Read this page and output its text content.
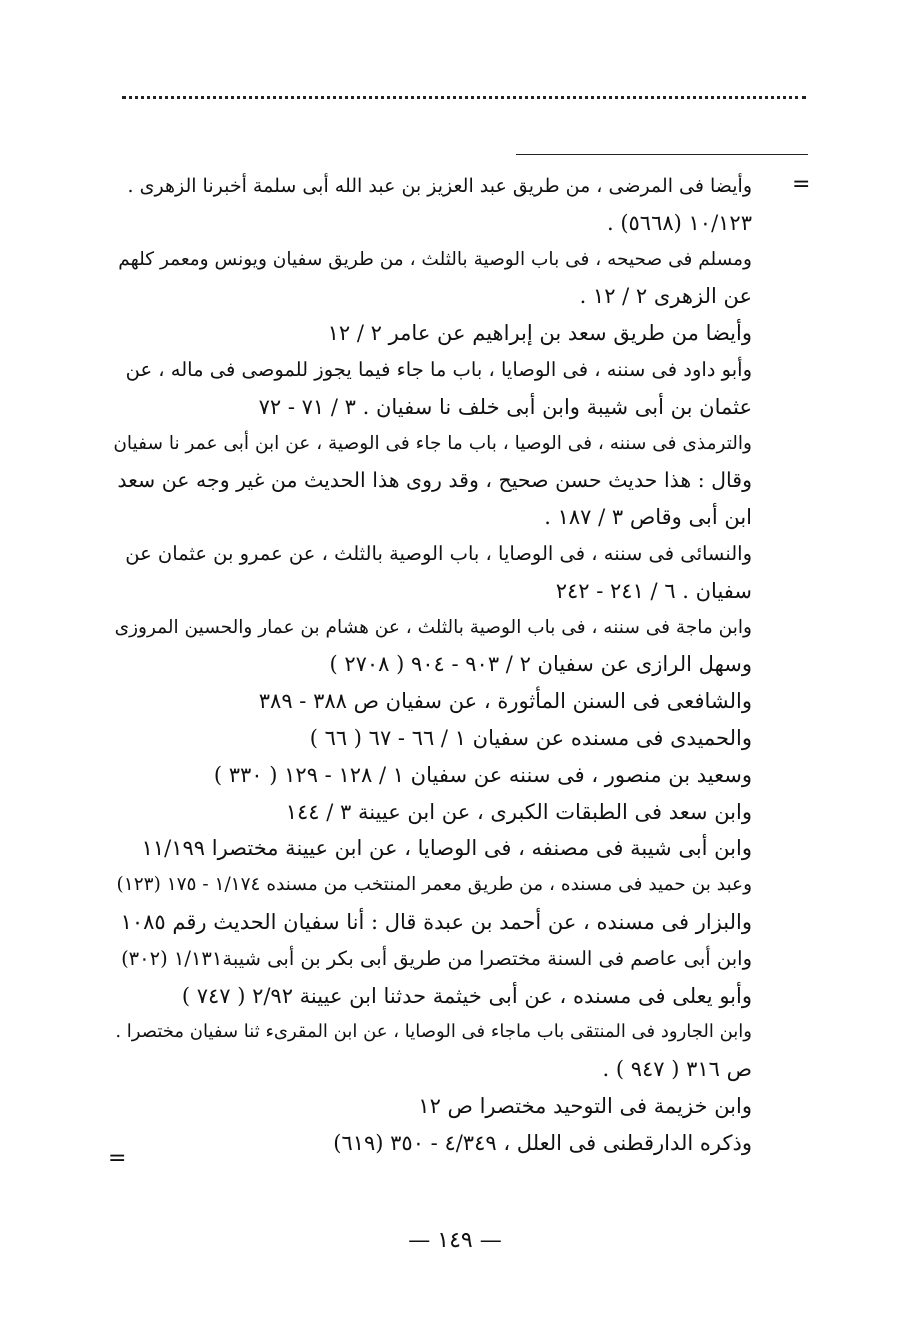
=
=
وأيضا فى المرضى ، من طريق عبد العزيز بن عبد الله أبى سلمة أخبرنا الزهرى .
١٠/١٢٣ (٥٦٦٨) .
ومسلم فى صحيحه ، فى باب الوصية بالثلث ، من طريق سفيان ويونس ومعمر كلهم
عن الزهرى ٢ / ١٢ .
وأيضا من طريق سعد بن إبراهيم عن عامر ٢ / ١٢
وأبو داود فى سننه ، فى الوصايا ، باب ما جاء فيما يجوز للموصى فى ماله ، عن
عثمان بن أبى شيبة وابن أبى خلف نا سفيان . ٣ / ٧١ - ٧٢
والترمذى فى سننه ، فى الوصيا ، باب ما جاء فى الوصية ، عن ابن أبى عمر نا سفيان
وقال : هذا حديث حسن صحيح ، وقد روى هذا الحديث من غير وجه عن سعد
ابن أبى وقاص ٣ / ١٨٧ .
والنسائى فى سننه ، فى الوصايا ، باب الوصية بالثلث ، عن عمرو بن عثمان عن
سفيان . ٦ / ٢٤١ - ٢٤٢
وابن ماجة فى سننه ، فى باب الوصية بالثلث ، عن هشام بن عمار والحسين المروزى
وسهل الرازى عن سفيان ٢ / ٩٠٣ - ٩٠٤ ( ٢٧٠٨ )
والشافعى فى السنن المأثورة ، عن سفيان ص ٣٨٨ - ٣٨٩
والحميدى فى مسنده عن سفيان ١ / ٦٦ - ٦٧ ( ٦٦ )
وسعيد بن منصور ، فى سننه عن سفيان ١ / ١٢٨ - ١٢٩ ( ٣٣٠ )
وابن سعد فى الطبقات الكبرى ، عن ابن عيينة ٣ / ١٤٤
وابن أبى شيبة فى مصنفه ، فى الوصايا ، عن ابن عيينة مختصرا ١١/١٩٩
وعبد بن حميد فى مسنده ، من طريق معمر المنتخب من مسنده ١/١٧٤ - ١٧٥ (١٢٣)
والبزار فى مسنده ، عن أحمد بن عبدة قال : أنا سفيان الحديث رقم ١٠٨٥
وابن أبى عاصم فى السنة مختصرا من طريق أبى بكر بن أبى شيبة١/١٣١ (٣٠٢)
وأبو يعلى فى مسنده ، عن أبى خيثمة حدثنا ابن عيينة ٢/٩٢ ( ٧٤٧ )
وابن الجارود فى المنتقى باب ماجاء فى الوصايا ، عن ابن المقرىء ثنا سفيان مختصرا .
ص ٣١٦ ( ٩٤٧ ) .
وابن خزيمة فى التوحيد مختصرا ص ١٢
وذكره الدارقطنى فى العلل ، ٤/٣٤٩ - ٣٥٠ (٦١٩)
— ١٤٩ —
